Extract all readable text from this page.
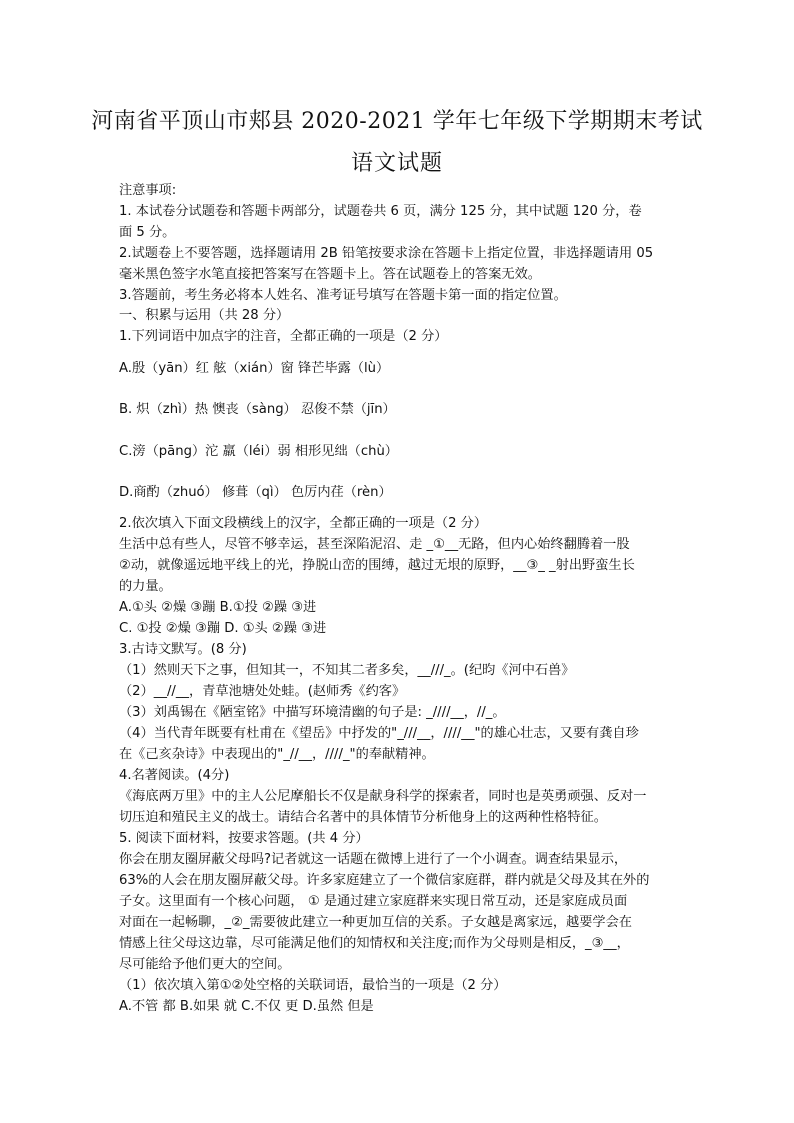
河南省平顶山市郏县 2020-2021 学年七年级下学期期末考试
语文试题
注意事项:
1. 本试卷分试题卷和答题卡两部分，试题卷共 6 页，满分 125 分，其中试题 120 分，卷
面 5 分。
2.试题卷上不要答题，选择题请用 2B 铅笔按要求涂在答题卡上指定位置，非选择题请用 05
毫米黑色签字水笔直接把答案写在答题卡上。答在试题卷上的答案无效。
3.答题前，考生务必将本人姓名、准考证号填写在答题卡第一面的指定位置。
一、积累与运用（共 28 分）
1.下列词语中加点字的注音，全都正确的一项是（2 分）
A.殷（yān）红 舷（xián）窗 锋芒毕露（lù）
B. 炽（zhì）热 懊丧（sàng） 忍俊不禁（jīn）
C.滂（pāng）沱 羸（léi）弱 相形见绌（chù）
D.商酌（zhuó） 修葺（qì） 色厉内荏（rèn）
2.依次填入下面文段横线上的汉字，全都正确的一项是（2 分）
生活中总有些人，尽管不够幸运，甚至深陷泥沼、走 _①__无路，但内心始终翻腾着一股
②动，就像遥远地平线上的光，挣脱山峦的围缚，越过无垠的原野，__③_ _射出野蛮生长
的力量。
A.①头 ②燥 ③蹦 B.①投 ②躁 ③进
C. ①投 ②燥 ③蹦 D. ①头 ②躁 ③进
3.古诗文默写。(8 分)
（1）然则天下之事，但知其一，不知其二者多矣，__///_。(纪昀《河中石兽》
（2）__//__，青草池塘处处蛙。(赵师秀《约客》
（3）刘禹锡在《陋室铭》中描写环境清幽的句子是: _////__，//_。
（4）当代青年既要有杜甫在《望岳》中抒发的"_///__，////__"的雄心壮志，又要有龚自珍
在《己亥杂诗》中表现出的"_//__，////_"的奉献精神。
4.名著阅读。(4分)
《海底两万里》中的主人公尼摩船长不仅是献身科学的探索者，同时也是英勇顽强、反对一
切压迫和殖民主义的战士。请结合名著中的具体情节分析他身上的这两种性格特征。
5. 阅读下面材料，按要求答题。(共 4 分）
你会在朋友圈屏蔽父母吗?记者就这一话题在微博上进行了一个小调查。调查结果显示，
63%的人会在朋友圈屏蔽父母。许多家庭建立了一个微信家庭群，群内就是父母及其在外的
子女。这里面有一个核心问题， ① 是通过建立家庭群来实现日常互动，还是家庭成员面
对面在一起畅聊，_②_需要彼此建立一种更加互信的关系。子女越是离家远，越要学会在
情感上往父母这边靠，尽可能满足他们的知情权和关注度;而作为父母则是相反，_③__，
尽可能给予他们更大的空间。
（1）依次填入第①②处空格的关联词语，最恰当的一项是（2 分）
A.不管 都 B.如果 就 C.不仅 更 D.虽然 但是
